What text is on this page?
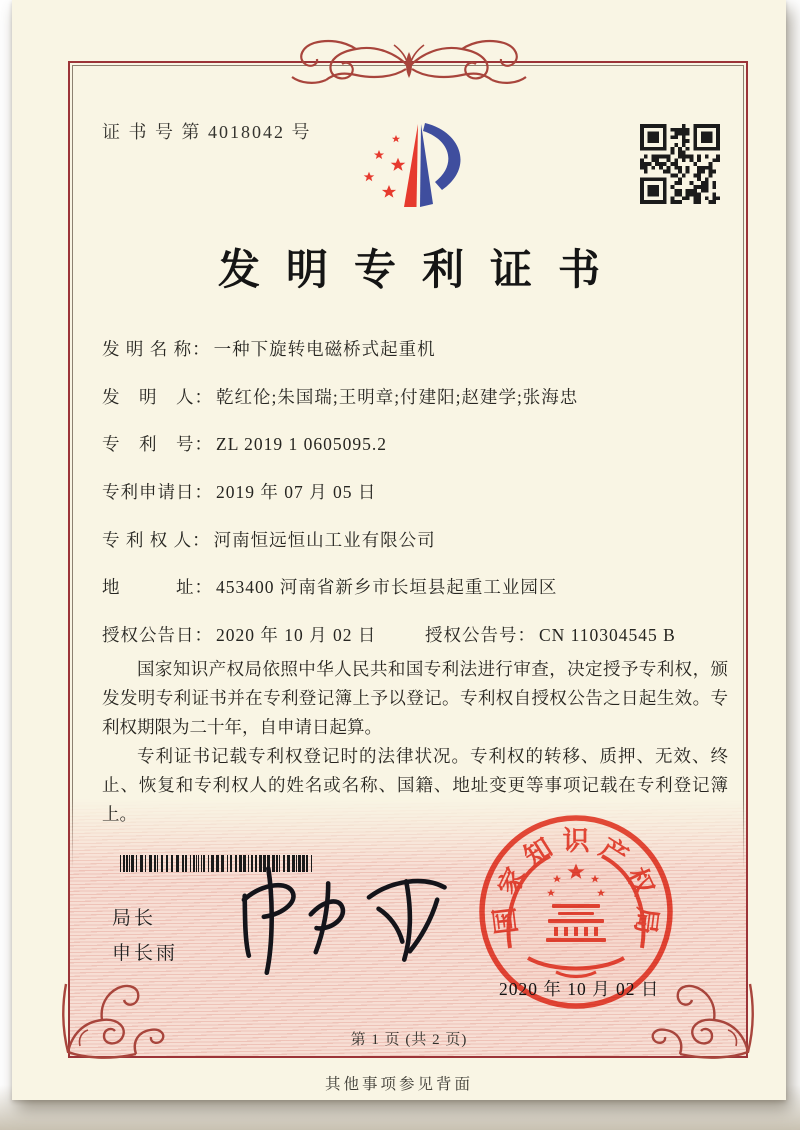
证 书 号 第 4018042 号
发明专利证书
发 明 名 称： 一种下旋转电磁桥式起重机
发　明　人： 乾红伦;朱国瑞;王明章;付建阳;赵建学;张海忠
专　利　号： ZL 2019 1 0605095.2
专利申请日： 2019 年 07 月 05 日
专 利 权 人： 河南恒远恒山工业有限公司
地　　　址： 453400 河南省新乡市长垣县起重工业园区
授权公告日： 2020 年 10 月 02 日	授权公告号： CN 110304545 B

国家知识产权局依照中华人民共和国专利法进行审查，决定授予专利权，颁发发明专利证书并在专利登记簿上予以登记。专利权自授权公告之日起生效。专利权期限为二十年，自申请日起算。

专利证书记载专利权登记时的法律状况。专利权的转移、质押、无效、终止、恢复和专利权人的姓名或名称、国籍、地址变更等事项记载在专利登记簿上。

局长
申长雨
国
家
知 识 产
权
局
2020 年 10 月 02 日
第 1 页 (共 2 页)
其他事项参见背面
